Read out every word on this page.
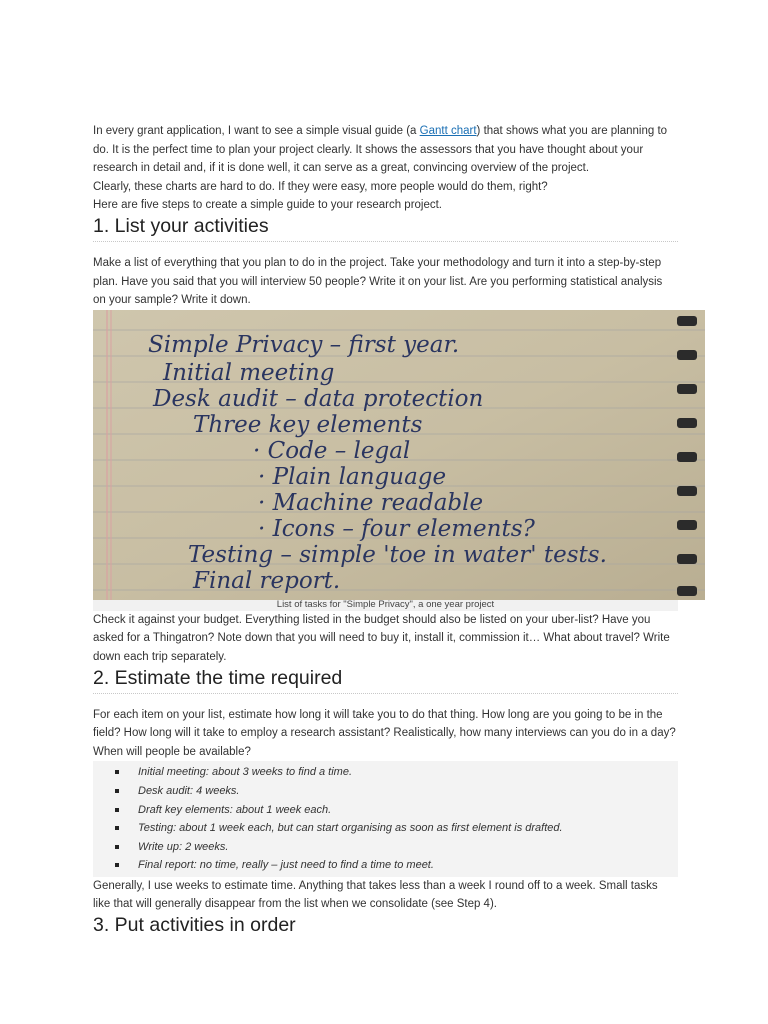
In every grant application, I want to see a simple visual guide (a Gantt chart) that shows what you are planning to do. It is the perfect time to plan your project clearly. It shows the assessors that you have thought about your research in detail and, if it is done well, it can serve as a great, convincing overview of the project.

Clearly, these charts are hard to do. If they were easy, more people would do them, right?

Here are five steps to create a simple guide to your research project.

1. List your activities

Make a list of everything that you plan to do in the project. Take your methodology and turn it into a step-by-step plan. Have you said that you will interview 50 people? Write it on your list. Are you performing statistical analysis on your sample? Write it down.

Simple Privacy – first year.
Initial meeting
Desk audit – data protection
Three key elements
· Code – legal
· Plain language
· Machine readable
· Icons – four elements?
Testing – simple 'toe in water' tests.
Final report.
List of tasks for "Simple Privacy", a one year project

Check it against your budget. Everything listed in the budget should also be listed on your uber-list? Have you asked for a Thingatron? Note down that you will need to buy it, install it, commission it… What about travel? Write down each trip separately.

2. Estimate the time required

For each item on your list, estimate how long it will take you to do that thing. How long are you going to be in the field? How long will it take to employ a research assistant? Realistically, how many interviews can you do in a day? When will people be available?

Initial meeting: about 3 weeks to find a time.
Desk audit: 4 weeks.
Draft key elements: about 1 week each.
Testing: about 1 week each, but can start organising as soon as first element is drafted.
Write up: 2 weeks.
Final report: no time, really – just need to find a time to meet.

Generally, I use weeks to estimate time. Anything that takes less than a week I round off to a week. Small tasks like that will generally disappear from the list when we consolidate (see Step 4).

3. Put activities in order
